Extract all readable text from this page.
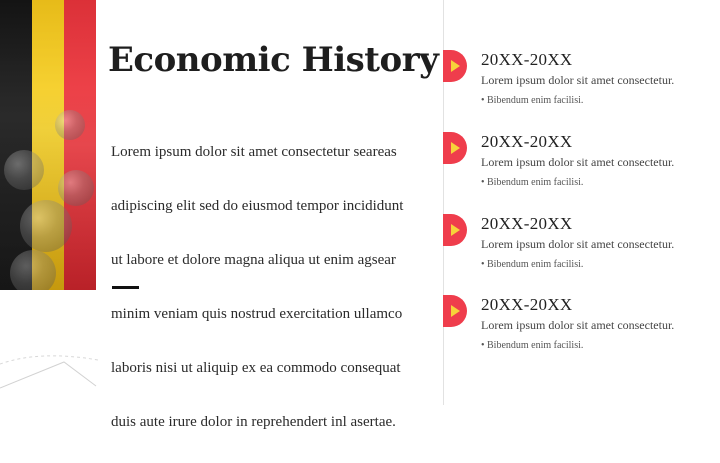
Economic History

Lorem ipsum dolor sit amet consectetur seareas

adipiscing elit sed do eiusmod tempor incididunt

ut labore et dolore magna aliqua ut enim agsear

minim veniam quis nostrud exercitation ullamco

laboris nisi ut aliquip ex ea commodo consequat

duis aute irure dolor in reprehendert inl asertae.

20XX-20XX
Lorem ipsum dolor sit amet consectetur.
• Bibendum enim facilisi.
20XX-20XX
Lorem ipsum dolor sit amet consectetur.
• Bibendum enim facilisi.
20XX-20XX
Lorem ipsum dolor sit amet consectetur.
• Bibendum enim facilisi.
20XX-20XX
Lorem ipsum dolor sit amet consectetur.
• Bibendum enim facilisi.
